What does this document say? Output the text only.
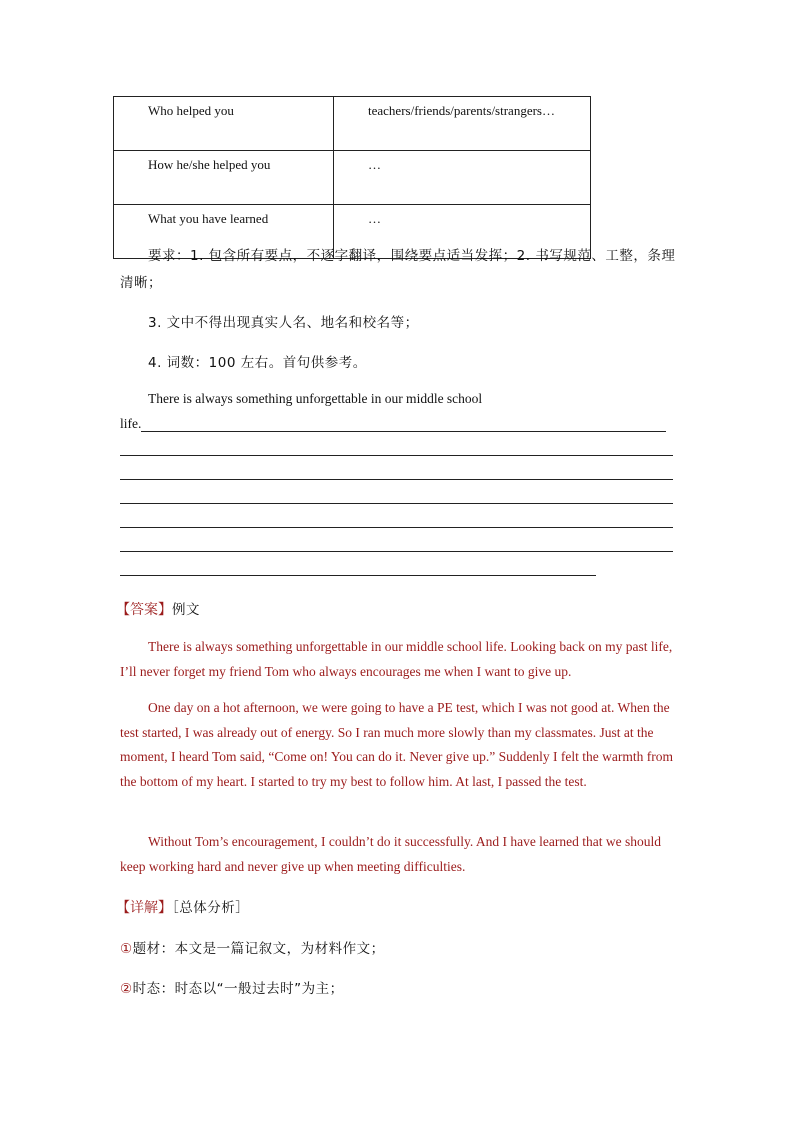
Who helped you	teachers/friends/parents/strangers…
How he/she helped you	…
What you have learned	…
要求：1. 包含所有要点，不逐字翻译，围绕要点适当发挥；2. 书写规范、工整，条理
清晰；
3. 文中不得出现真实人名、地名和校名等；
4. 词数：100 左右。首句供参考。
There is always something unforgettable in our middle school
life.
【答案】例文

There is always something unforgettable in our middle school life. Looking back on my past life, I’ll never forget my friend Tom who always encourages me when I want to give up.

One day on a hot afternoon, we were going to have a PE test, which I was not good at. When the test started, I was already out of energy. So I ran much more slowly than my classmates. Just at the moment, I heard Tom said, “Come on! You can do it. Never give up.” Suddenly I felt the warmth from the bottom of my heart. I started to try my best to follow him. At last, I passed the test.

Without Tom’s encouragement, I couldn’t do it successfully. And I have learned that we should keep working hard and never give up when meeting difficulties.

【详解】［总体分析］
①题材：本文是一篇记叙文，为材料作文；
②时态：时态以“一般过去时”为主；
